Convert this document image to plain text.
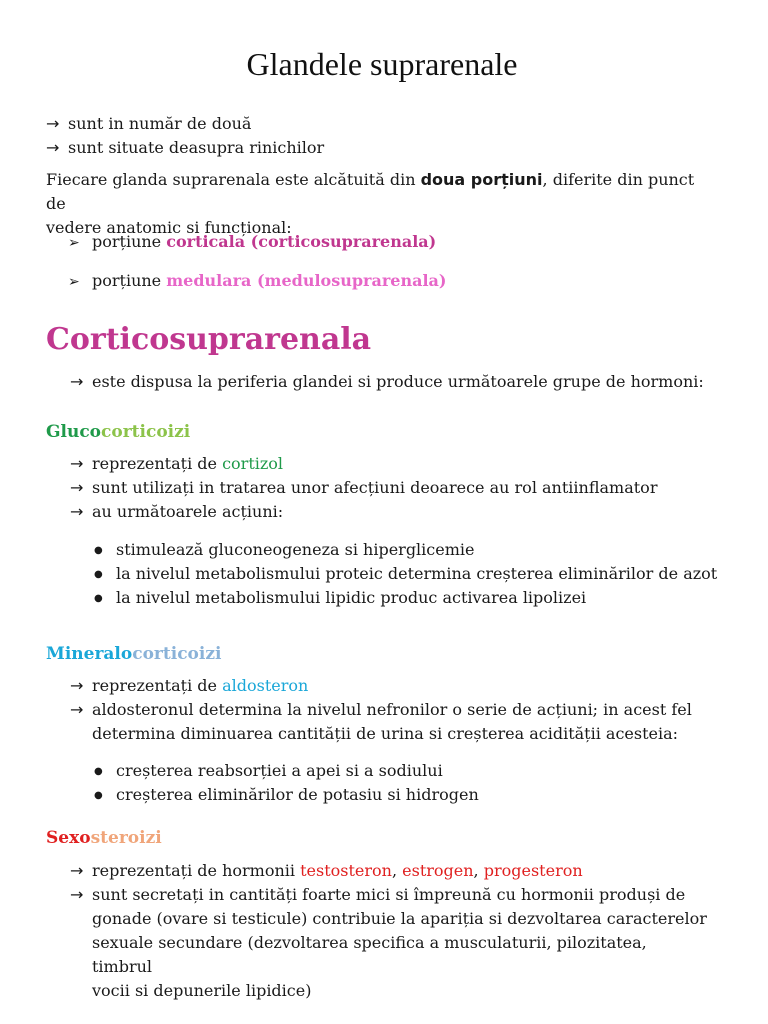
Glandele suprarenale
→ sunt in număr de două
→ sunt situate deasupra rinichilor
Fiecare glanda suprarenala este alcătuită din doua porțiuni, diferite din punct de
vedere anatomic si funcțional:
➢ porțiune corticala (corticosuprarenala)
➢ porțiune medulara (medulosuprarenala)
Corticosuprarenala
→ este dispusa la periferia glandei si produce următoarele grupe de hormoni:
Glucocorticoizi
→ reprezentați de cortizol
→ sunt utilizați in tratarea unor afecțiuni deoarece au rol antiinflamator
→ au următoarele acțiuni:
● stimulează gluconeogeneza si hiperglicemie
● la nivelul metabolismului proteic determina creșterea eliminărilor de azot
● la nivelul metabolismului lipidic produc activarea lipolizei
Mineralocorticoizi
→ reprezentați de aldosteron
→ aldosteronul determina la nivelul nefronilor o serie de acțiuni; in acest fel
determina diminuarea cantității de urina si creșterea acidității acesteia:
● creșterea reabsorției a apei si a sodiului
● creșterea eliminărilor de potasiu si hidrogen
Sexosteroizi
→ reprezentați de hormonii testosteron, estrogen, progesteron
→ sunt secretați in cantități foarte mici si împreună cu hormonii produși de
gonade (ovare si testicule) contribuie la apariția si dezvoltarea caracterelor
sexuale secundare (dezvoltarea specifica a musculaturii, pilozitatea, timbrul
vocii si depunerile lipidice)
